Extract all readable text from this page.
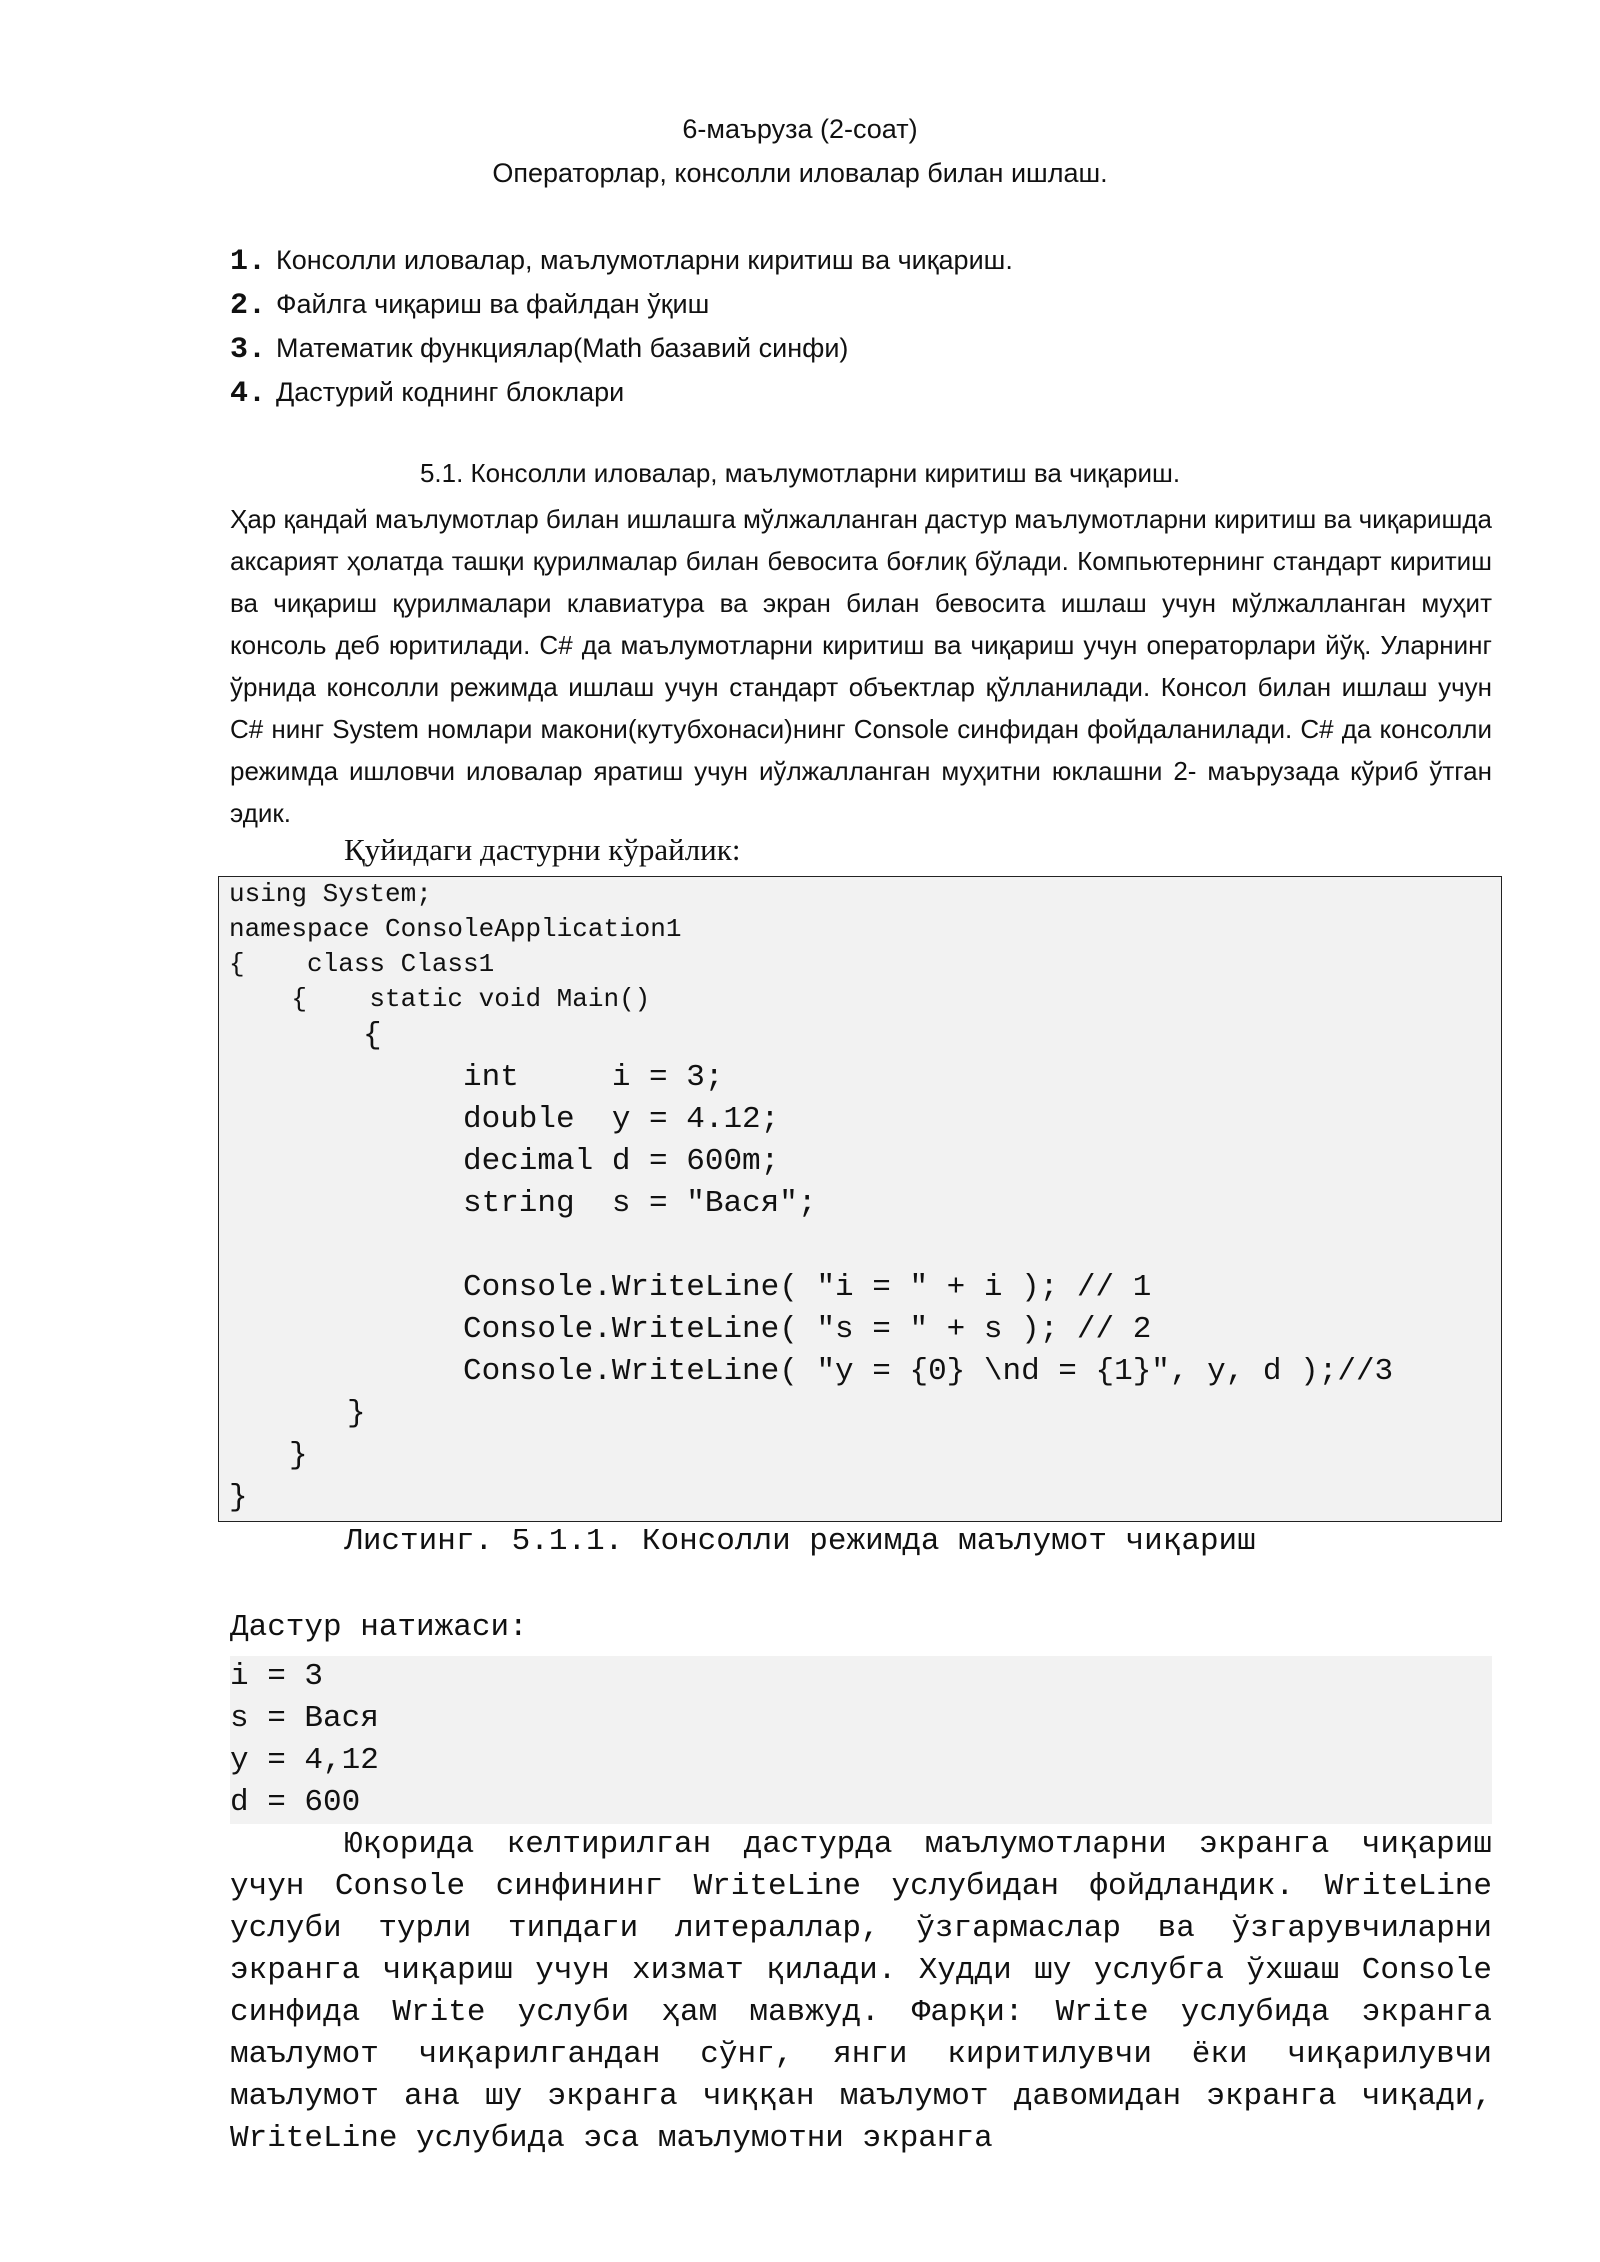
6-маъруза (2-соат)
Операторлар, консолли иловалар билан ишлаш.
1. Консолли иловалар, маълумотларни киритиш ва чиқариш.
2. Файлга чиқариш ва файлдан ўқиш
3. Математик функциялар(Math базавий синфи)
4. Дастурий коднинг блоклари
5.1. Консолли иловалар, маълумотларни киритиш ва чиқариш.

Ҳар қандай маълумотлар билан ишлашга мўлжалланган дастур маълумотларни киритиш ва чиқаришда аксарият ҳолатда ташқи қурилмалар билан бевосита боғлиқ бўлади. Компьютернинг стандарт киритиш ва чиқариш қурилмалари клавиатура ва экран билан бевосита ишлаш учун мўлжалланган муҳит консоль деб юритилади. C# да маълумотларни киритиш ва чиқариш учун операторлари йўқ. Уларнинг ўрнида консолли режимда ишлаш учун стандарт объектлар қўлланилади. Консол билан ишлаш учун C# нинг System номлари макони(кутубхонаси)нинг Console синфидан фойдаланилади. C# да консолли режимда ишловчи иловалар яратиш учун иўлжалланган муҳитни юклашни 2- маърузада кўриб ўтган эдик.

Қуйидаги дастурни кўрайлик:
using System;
namespace ConsoleApplication1
{    class Class1
{    static void Main()
{
int     i = 3;
double  y = 4.12;
decimal d = 600m;
string  s = "Вася";
Console.WriteLine( "i = " + i ); // 1
Console.WriteLine( "s = " + s ); // 2
Console.WriteLine( "y = {0} \nd = {1}", y, d );//3
}
}
}
Листинг. 5.1.1. Консолли режимда маълумот чиқариш
Дастур натижаси:
i = 3
s = Вася
y = 4,12
d = 600

Юқорида келтирилган дастурда маълумотларни экранга чиқариш учун Console синфининг WriteLine услубидан фойдландик. WriteLine услуби турли типдаги литераллар, ўзгармаслар ва ўзгарувчиларни экранга чиқариш учун хизмат қилади. Худди шу услубга ўхшаш Console синфида Write услуби ҳам мавжуд. Фарқи: Write услубида экранга маълумот чиқарилгандан сўнг, янги киритилувчи ёки чиқарилувчи маълумот ана шу экранга чиққан маълумот давомидан экранга чиқади, WriteLine услубида эса маълумотни экранга
